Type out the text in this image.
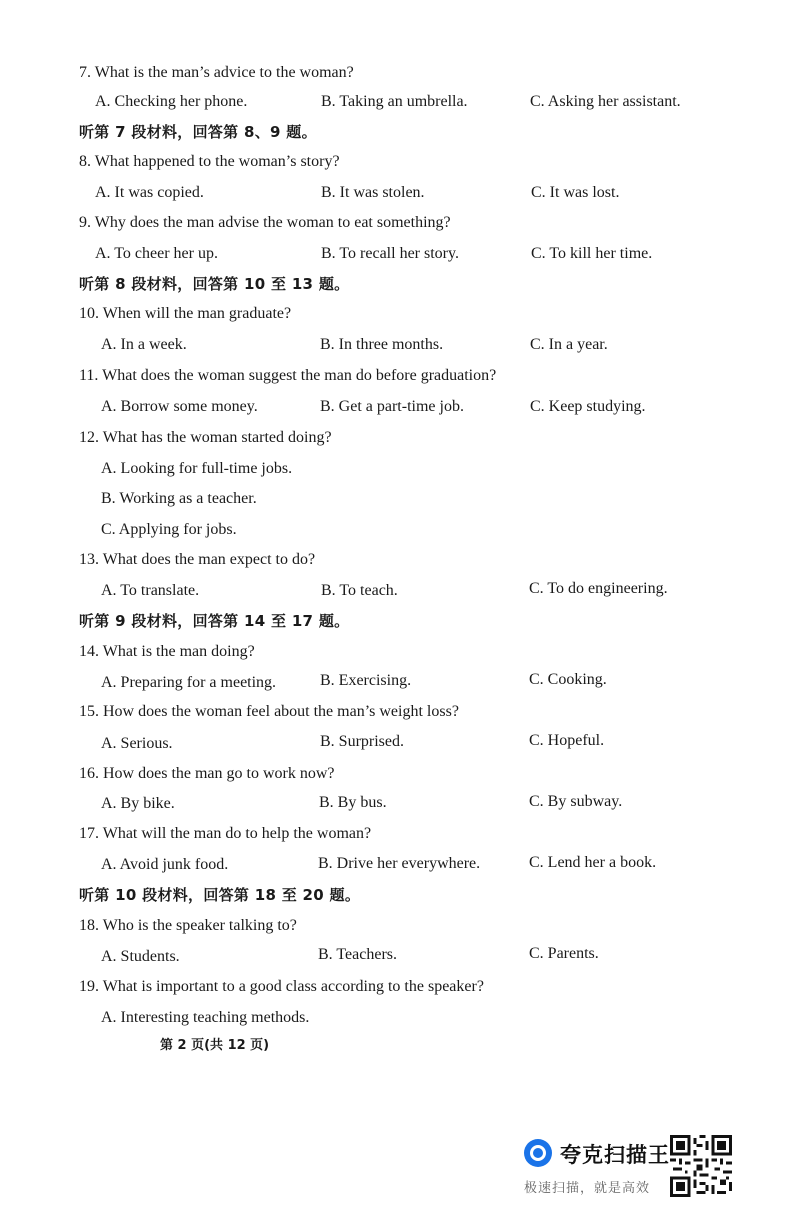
7. What is the man’s advice to the woman?
A. Checking her phone.	B. Taking an umbrella.	C. Asking her assistant.
听第 7 段材料，回答第 8、9 题。
8. What happened to the woman’s story?
A. It was copied.	B. It was stolen.	C. It was lost.
9. Why does the man advise the woman to eat something?
A. To cheer her up.	B. To recall her story.	C. To kill her time.
听第 8 段材料，回答第 10 至 13 题。
10. When will the man graduate?
A. In a week.	B. In three months.	C. In a year.
11. What does the woman suggest the man do before graduation?
A. Borrow some money.	B. Get a part-time job.	C. Keep studying.
12. What has the woman started doing?
A. Looking for full-time jobs.
B. Working as a teacher.
C. Applying for jobs.
13. What does the man expect to do?
A. To translate.	B. To teach.	C. To do engineering.
听第 9 段材料，回答第 14 至 17 题。
14. What is the man doing?
A. Preparing for a meeting.	B. Exercising.	C. Cooking.
15. How does the woman feel about the man’s weight loss?
A. Serious.	B. Surprised.	C. Hopeful.
16. How does the man go to work now?
A. By bike.	B. By bus.	C. By subway.
17. What will the man do to help the woman?
A. Avoid junk food.	B. Drive her everywhere.	C. Lend her a book.
听第 10 段材料，回答第 18 至 20 题。
18. Who is the speaker talking to?
A. Students.	B. Teachers.	C. Parents.
19. What is important to a good class according to the speaker?
A. Interesting teaching methods.
第 2 页(共 12 页)
夸克扫描王
极速扫描，就是高效
